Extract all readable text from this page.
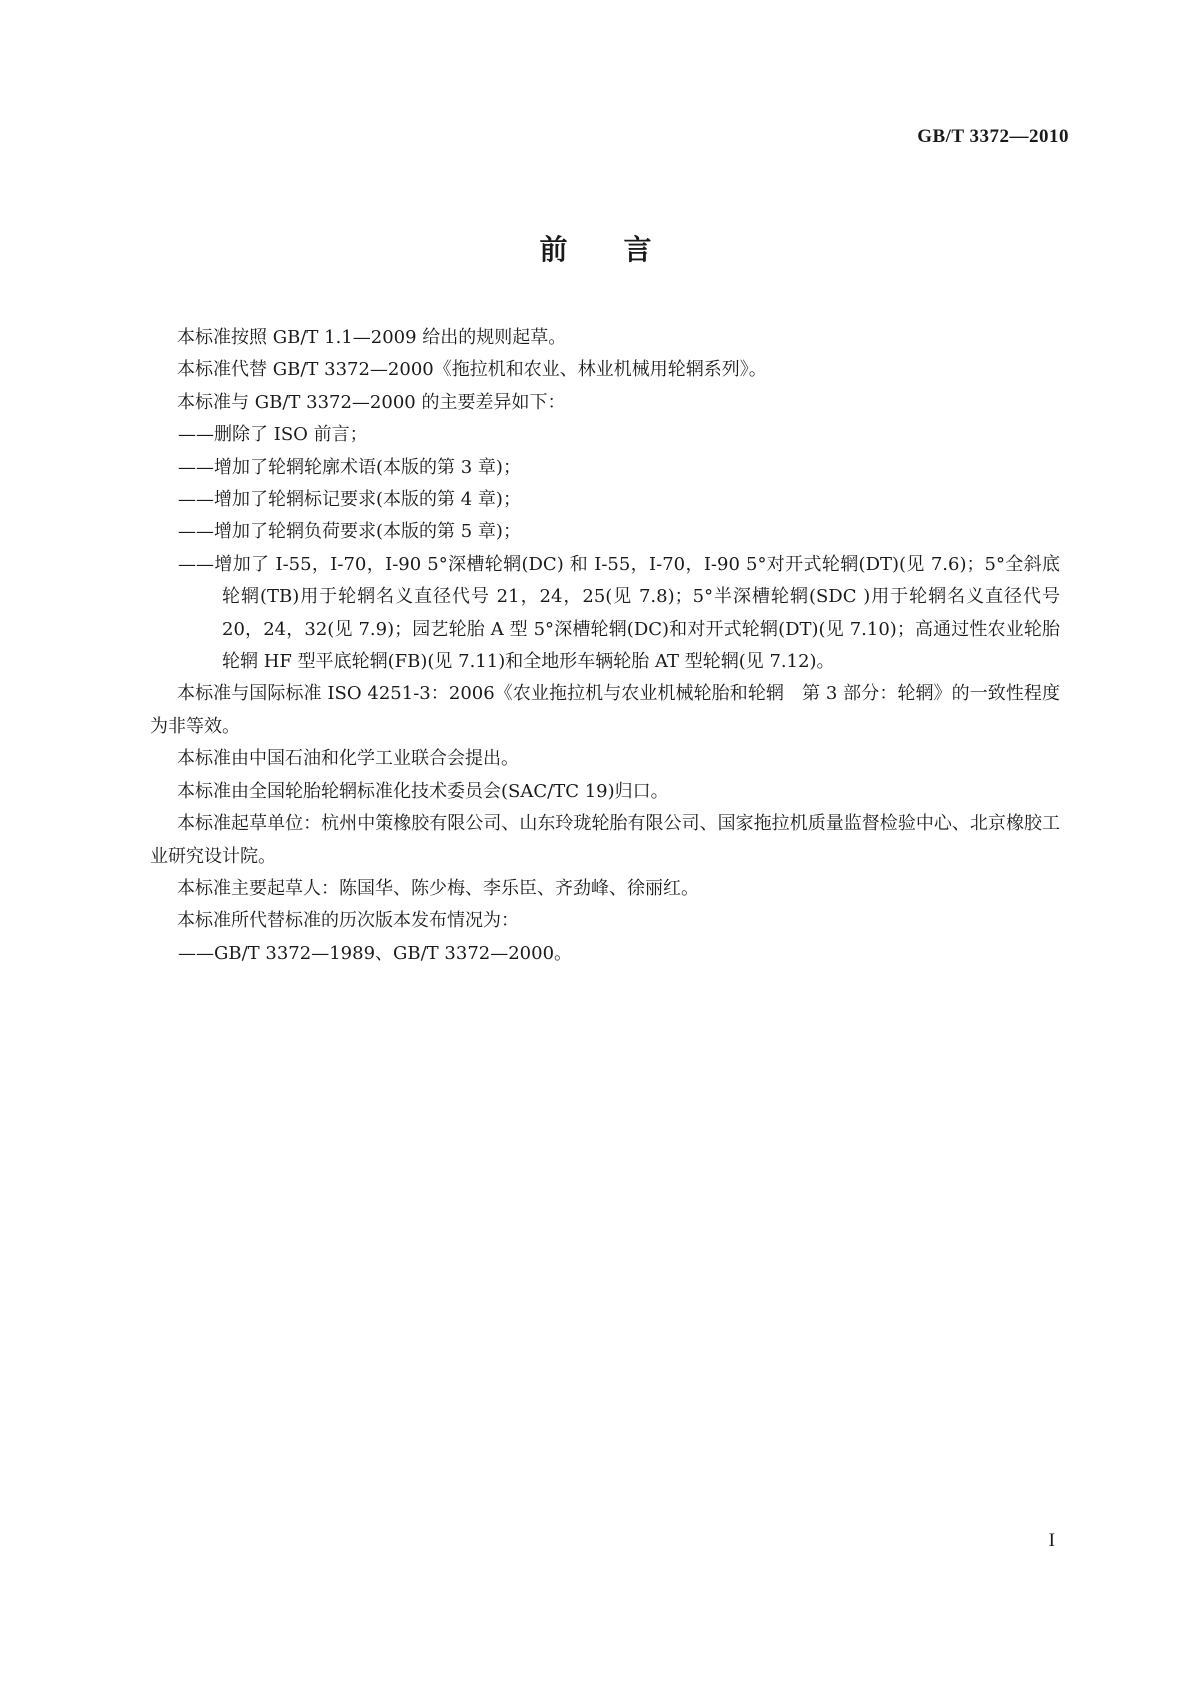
GB/T 3372—2010

前言

本标准按照 GB/T 1.1—2009 给出的规则起草。

本标准代替 GB/T 3372—2000《拖拉机和农业、林业机械用轮辋系列》。

本标准与 GB/T 3372—2000 的主要差异如下：

——删除了 ISO 前言；

——增加了轮辋轮廓术语(本版的第 3 章)；

——增加了轮辋标记要求(本版的第 4 章)；

——增加了轮辋负荷要求(本版的第 5 章)；

——增加了 I-55，I-70，I-90 5°深槽轮辋(DC) 和 I-55，I-70，I-90 5°对开式轮辋(DT)(见 7.6)；5°全斜底轮辋(TB)用于轮辋名义直径代号 21，24，25(见 7.8)；5°半深槽轮辋(SDC )用于轮辋名义直径代号 20，24，32(见 7.9)；园艺轮胎 A 型 5°深槽轮辋(DC)和对开式轮辋(DT)(见 7.10)；高通过性农业轮胎轮辋 HF 型平底轮辋(FB)(见 7.11)和全地形车辆轮胎 AT 型轮辋(见 7.12)。

本标准与国际标准 ISO 4251-3：2006《农业拖拉机与农业机械轮胎和轮辋　第 3 部分：轮辋》的一致性程度为非等效。

本标准由中国石油和化学工业联合会提出。

本标准由全国轮胎轮辋标准化技术委员会(SAC/TC 19)归口。

本标准起草单位：杭州中策橡胶有限公司、山东玲珑轮胎有限公司、国家拖拉机质量监督检验中心、北京橡胶工业研究设计院。

本标准主要起草人：陈国华、陈少梅、李乐臣、齐劲峰、徐丽红。

本标准所代替标准的历次版本发布情况为：

——GB/T 3372—1989、GB/T 3372—2000。

I
